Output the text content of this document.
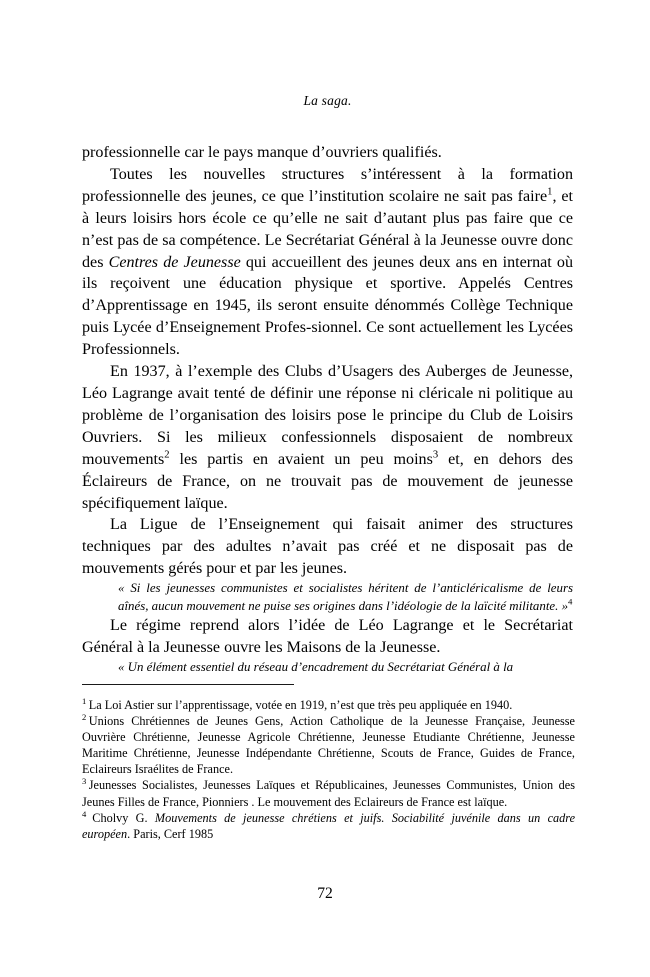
La saga.

professionnelle car le pays manque d’ouvriers qualifiés.

Toutes les nouvelles structures s’intéressent à la formation professionnelle des jeunes, ce que l’institution scolaire ne sait pas faire$^1$, et à leurs loisirs hors école ce qu’elle ne sait d’autant plus pas faire que ce n’est pas de sa compétence. Le Secrétariat Général à la Jeunesse ouvre donc des Centres de Jeunesse qui accueillent des jeunes deux ans en internat où ils reçoivent une éducation physique et sportive. Appelés Centres d’Apprentissage en 1945, ils seront ensuite dénommés Collège Technique puis Lycée d’Enseignement Profes-sionnel. Ce sont actuellement les Lycées Professionnels.

En 1937, à l’exemple des Clubs d’Usagers des Auberges de Jeunesse, Léo Lagrange avait tenté de définir une réponse ni cléricale ni politique au problème de l’organisation des loisirs pose le principe du Club de Loisirs Ouvriers. Si les milieux confessionnels disposaient de nombreux mouvements$^2$ les partis en avaient un peu moins$^3$ et, en dehors des Éclaireurs de France, on ne trouvait pas de mouvement de jeunesse spécifiquement laïque.

La Ligue de l’Enseignement qui faisait animer des structures techniques par des adultes n’avait pas créé et ne disposait pas de mouvements gérés pour et par les jeunes.

« Si les jeunesses communistes et socialistes héritent de l’anticléricalisme de leurs aînés, aucun mouvement ne puise ses origines dans l’idéologie de la laïcité militante. »$^4$

Le régime reprend alors l’idée de Léo Lagrange et le Secrétariat Général à la Jeunesse ouvre les Maisons de la Jeunesse.

« Un élément essentiel du réseau d’encadrement du Secrétariat Général à la

$^1$ La Loi Astier sur l’apprentissage, votée en 1919, n’est que très peu appliquée en 1940.

$^2$ Unions Chrétiennes de Jeunes Gens, Action Catholique de la Jeunesse Française, Jeunesse Ouvrière Chrétienne, Jeunesse Agricole Chrétienne, Jeunesse Etudiante Chrétienne, Jeunesse Maritime Chrétienne, Jeunesse Indépendante Chrétienne, Scouts de France, Guides de France, Eclaireurs Israélites de France.

$^3$ Jeunesses Socialistes, Jeunesses Laïques et Républicaines, Jeunesses Communistes, Union des Jeunes Filles de France, Pionniers . Le mouvement des Eclaireurs de France est laïque.

$^4$ Cholvy G. Mouvements de jeunesse chrétiens et juifs. Sociabilité juvénile dans un cadre européen. Paris, Cerf 1985

72
